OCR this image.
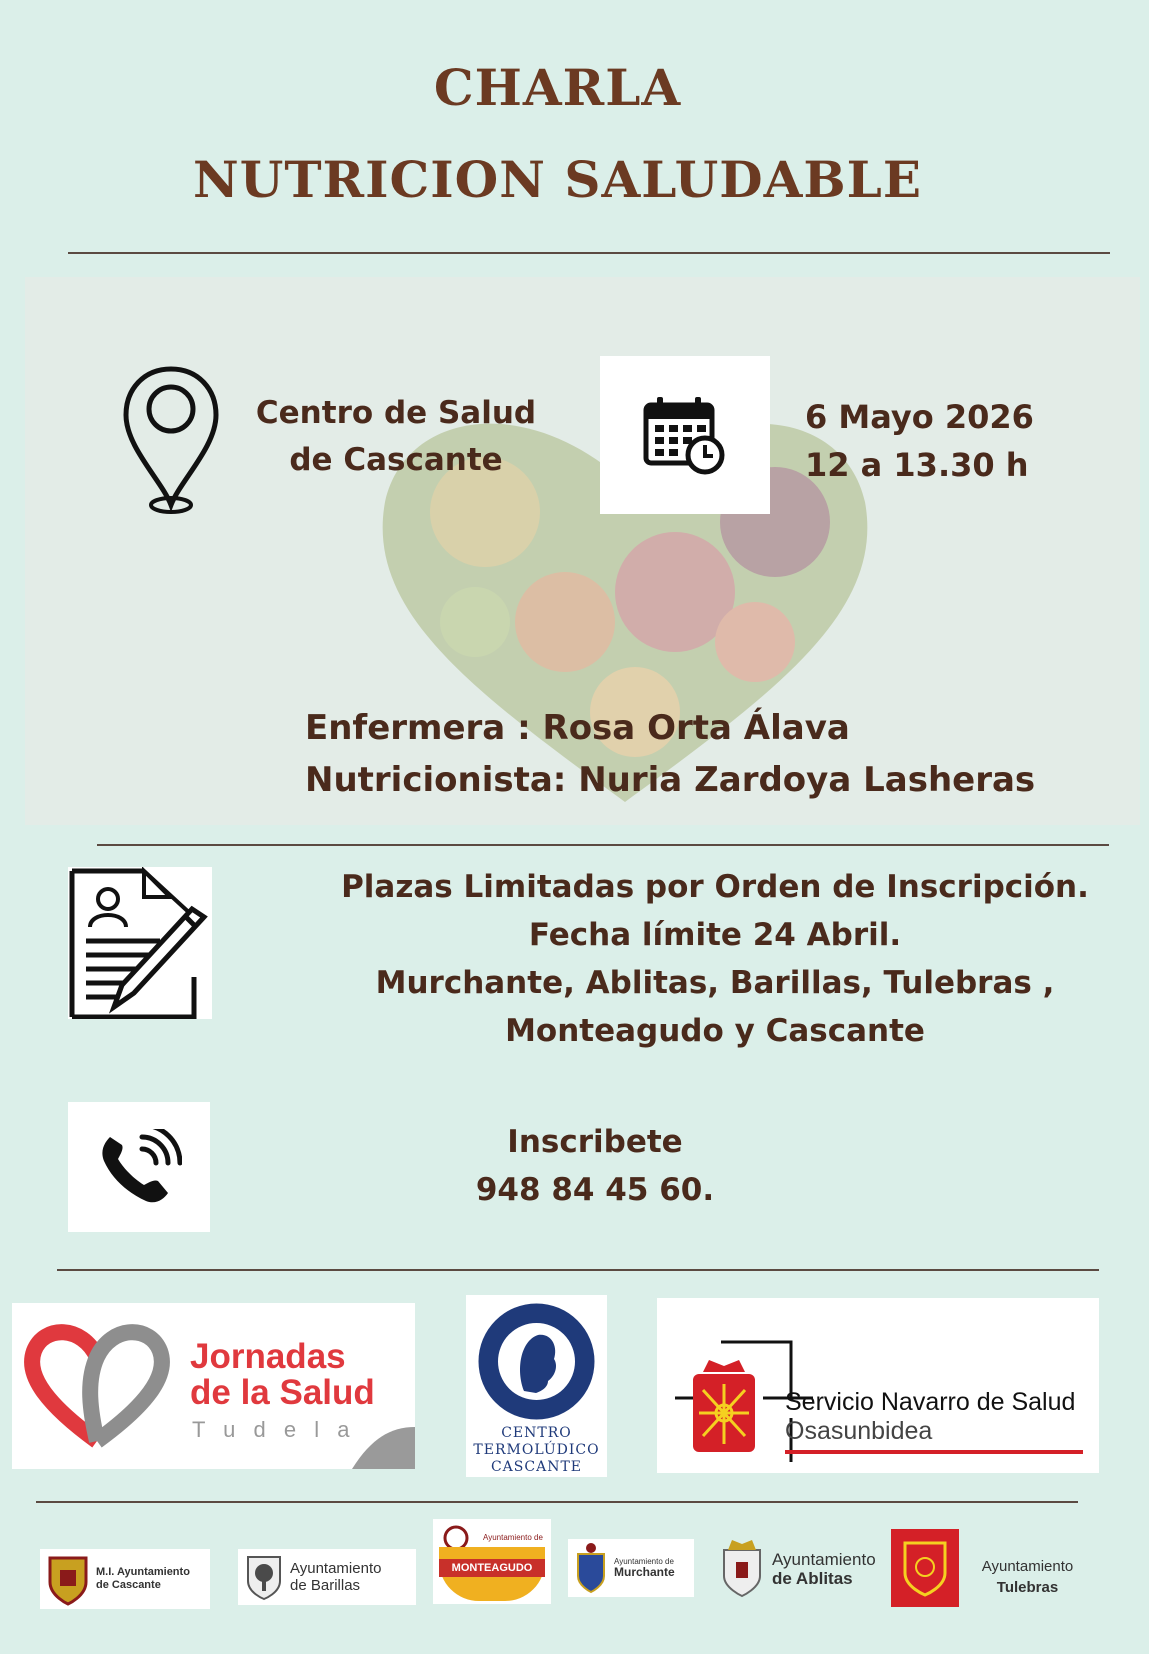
CHARLA
NUTRICION SALUDABLE
Centro de Salud
de Cascante
6 Mayo 2026
12 a 13.30 h
Enfermera : Rosa Orta Álava
Nutricionista: Nuria Zardoya Lasheras
Plazas Limitadas por Orden de Inscripción.
Fecha límite 24 Abril.
Murchante, Ablitas, Barillas, Tulebras ,
Monteagudo y Cascante
Inscribete
948 84 45 60.
Jornadas
de la Salud
T u d e l a	CENTRO
TERMOLÚDICO
CASCANTE
Servicio Navarro de Salud
Osasunbidea
M.I. Ayuntamiento
de Cascante
Ayuntamiento
de Barillas
Ayuntamiento de
MONTEAGUDO
Ayuntamiento de
Murchante
Ayuntamiento
de Ablitas
Ayuntamiento
Tulebras
